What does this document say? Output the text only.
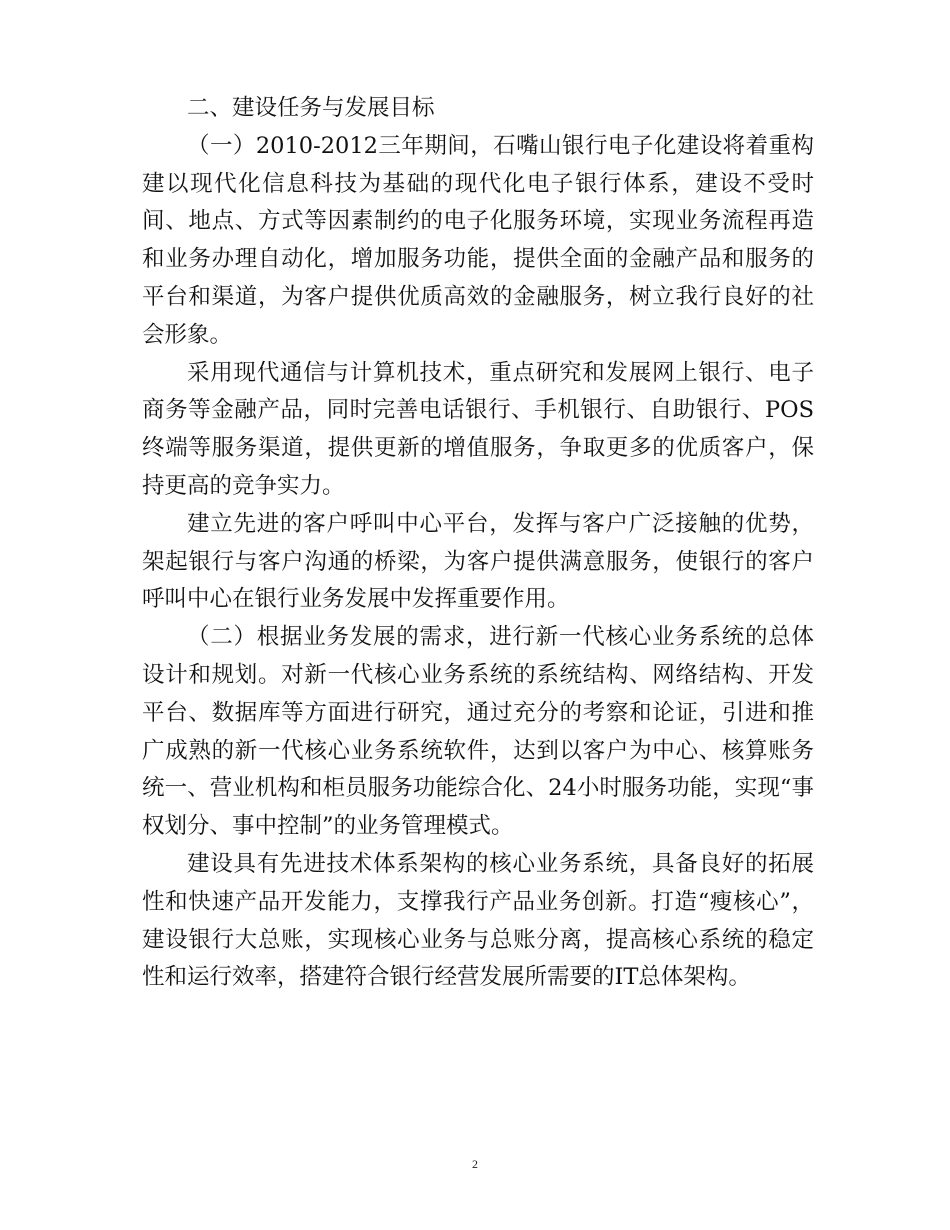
二、建设任务与发展目标

（一）2010-2012三年期间，石嘴山银行电子化建设将着重构建以现代化信息科技为基础的现代化电子银行体系，建设不受时间、地点、方式等因素制约的电子化服务环境，实现业务流程再造和业务办理自动化，增加服务功能，提供全面的金融产品和服务的平台和渠道，为客户提供优质高效的金融服务，树立我行良好的社会形象。

采用现代通信与计算机技术，重点研究和发展网上银行、电子商务等金融产品，同时完善电话银行、手机银行、自助银行、POS终端等服务渠道，提供更新的增值服务，争取更多的优质客户，保持更高的竞争实力。

建立先进的客户呼叫中心平台，发挥与客户广泛接触的优势，架起银行与客户沟通的桥梁，为客户提供满意服务，使银行的客户呼叫中心在银行业务发展中发挥重要作用。

（二）根据业务发展的需求，进行新一代核心业务系统的总体设计和规划。对新一代核心业务系统的系统结构、网络结构、开发平台、数据库等方面进行研究，通过充分的考察和论证，引进和推广成熟的新一代核心业务系统软件，达到以客户为中心、核算账务统一、营业机构和柜员服务功能综合化、24小时服务功能，实现“事权划分、事中控制”的业务管理模式。

建设具有先进技术体系架构的核心业务系统，具备良好的拓展性和快速产品开发能力，支撑我行产品业务创新。打造“瘦核心”，建设银行大总账，实现核心业务与总账分离，提高核心系统的稳定性和运行效率，搭建符合银行经营发展所需要的IT总体架构。

2
